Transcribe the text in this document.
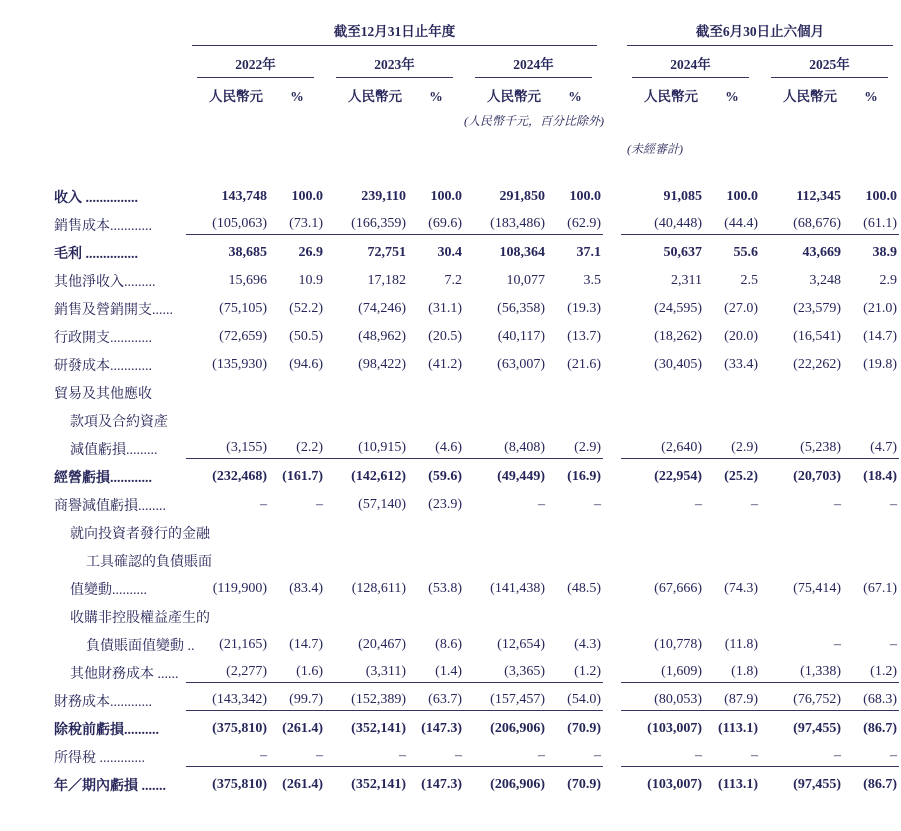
	截至12月31日止年度							截至6月30日止六個月			

	2022年		2023年		2024年			2024年		2025年	

	人民幣元	%	人民幣元	%	人民幣元	%		人民幣元	%	人民幣元	%
					(人民幣千元，百分比除外)						
								(未經審計)			
收入 ...............	143,748	100.0	239,110	100.0	291,850	100.0		91,085	100.0	112,345	100.0

銷售成本............	(105,063)	(73.1)	(166,359)	(69.6)	(183,486)	(62.9)		(40,448)	(44.4)	(68,676)	(61.1)

毛利 ...............	38,685	26.9	72,751	30.4	108,364	37.1		50,637	55.6	43,669	38.9

其他淨收入.........	15,696	10.9	17,182	7.2	10,077	3.5		2,311	2.5	3,248	2.9

銷售及營銷開支......	(75,105)	(52.2)	(74,246)	(31.1)	(56,358)	(19.3)		(24,595)	(27.0)	(23,579)	(21.0)

行政開支............	(72,659)	(50.5)	(48,962)	(20.5)	(40,117)	(13.7)		(18,262)	(20.0)	(16,541)	(14.7)

研發成本............	(135,930)	(94.6)	(98,422)	(41.2)	(63,007)	(21.6)		(30,405)	(33.4)	(22,262)	(19.8)

貿易及其他應收	

款項及合約資產	

減值虧損.........	(3,155)	(2.2)	(10,915)	(4.6)	(8,408)	(2.9)		(2,640)	(2.9)	(5,238)	(4.7)

經營虧損............	(232,468)	(161.7)	(142,612)	(59.6)	(49,449)	(16.9)		(22,954)	(25.2)	(20,703)	(18.4)

商譽減值虧損........	–	–	(57,140)	(23.9)	–	–		–	–	–	–

就向投資者發行的金融	

工具確認的負債賬面	

值變動..........	(119,900)	(83.4)	(128,611)	(53.8)	(141,438)	(48.5)		(67,666)	(74.3)	(75,414)	(67.1)

收購非控股權益產生的	

負債賬面值變動 ..	(21,165)	(14.7)	(20,467)	(8.6)	(12,654)	(4.3)		(10,778)	(11.8)	–	–

其他財務成本 ......	(2,277)	(1.6)	(3,311)	(1.4)	(3,365)	(1.2)		(1,609)	(1.8)	(1,338)	(1.2)

財務成本............	(143,342)	(99.7)	(152,389)	(63.7)	(157,457)	(54.0)		(80,053)	(87.9)	(76,752)	(68.3)

除稅前虧損..........	(375,810)	(261.4)	(352,141)	(147.3)	(206,906)	(70.9)		(103,007)	(113.1)	(97,455)	(86.7)

所得稅 .............	–	–	–	–	–	–		–	–	–	–

年／期內虧損 .......	(375,810)	(261.4)	(352,141)	(147.3)	(206,906)	(70.9)		(103,007)	(113.1)	(97,455)	(86.7)
